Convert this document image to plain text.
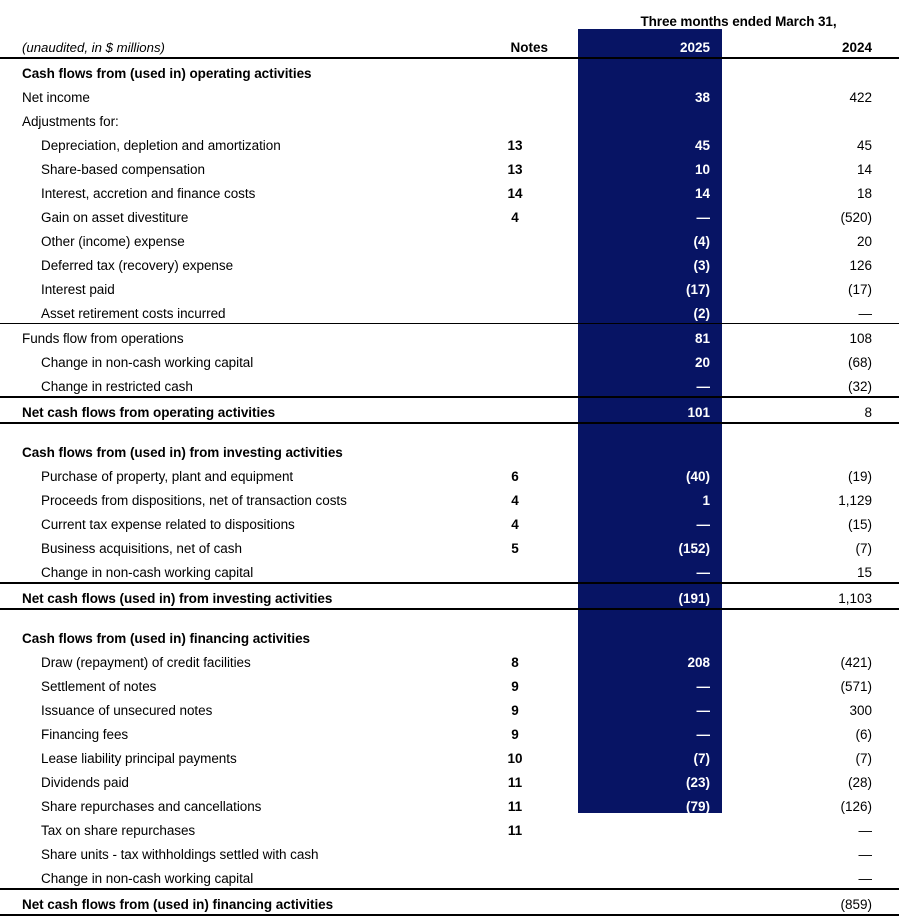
		Three months ended March 31,	
(unaudited, in $ millions)	Notes	2025	2024
Cash flows from (used in) operating activities			
Net income		38	422
Adjustments for:			
Depreciation, depletion and amortization	13	45	45
Share-based compensation	13	10	14
Interest, accretion and finance costs	14	14	18
Gain on asset divestiture	4	—	(520)
Other (income) expense		(4)	20
Deferred tax (recovery) expense		(3)	126
Interest paid		(17)	(17)
Asset retirement costs incurred		(2)	—
Funds flow from operations		81	108
Change in non-cash working capital		20	(68)
Change in restricted cash		—	(32)
Net cash flows from operating activities		101	8

Cash flows from (used in) from investing activities			
Purchase of property, plant and equipment	6	(40)	(19)
Proceeds from dispositions, net of transaction costs	4	1	1,129
Current tax expense related to dispositions	4	—	(15)
Business acquisitions, net of cash	5	(152)	(7)
Change in non-cash working capital		—	15
Net cash flows (used in) from investing activities		(191)	1,103

Cash flows from (used in) financing activities			
Draw (repayment) of credit facilities	8	208	(421)
Settlement of notes	9	—	(571)
Issuance of unsecured notes	9	—	300
Financing fees	9	—	(6)
Lease liability principal payments	10	(7)	(7)
Dividends paid	11	(23)	(28)
Share repurchases and cancellations	11	(79)	(126)
Tax on share repurchases	11	(1)	—
Share units - tax withholdings settled with cash		(15)	—
Change in non-cash working capital		—	—
Net cash flows from (used in) financing activities		83	(859)
